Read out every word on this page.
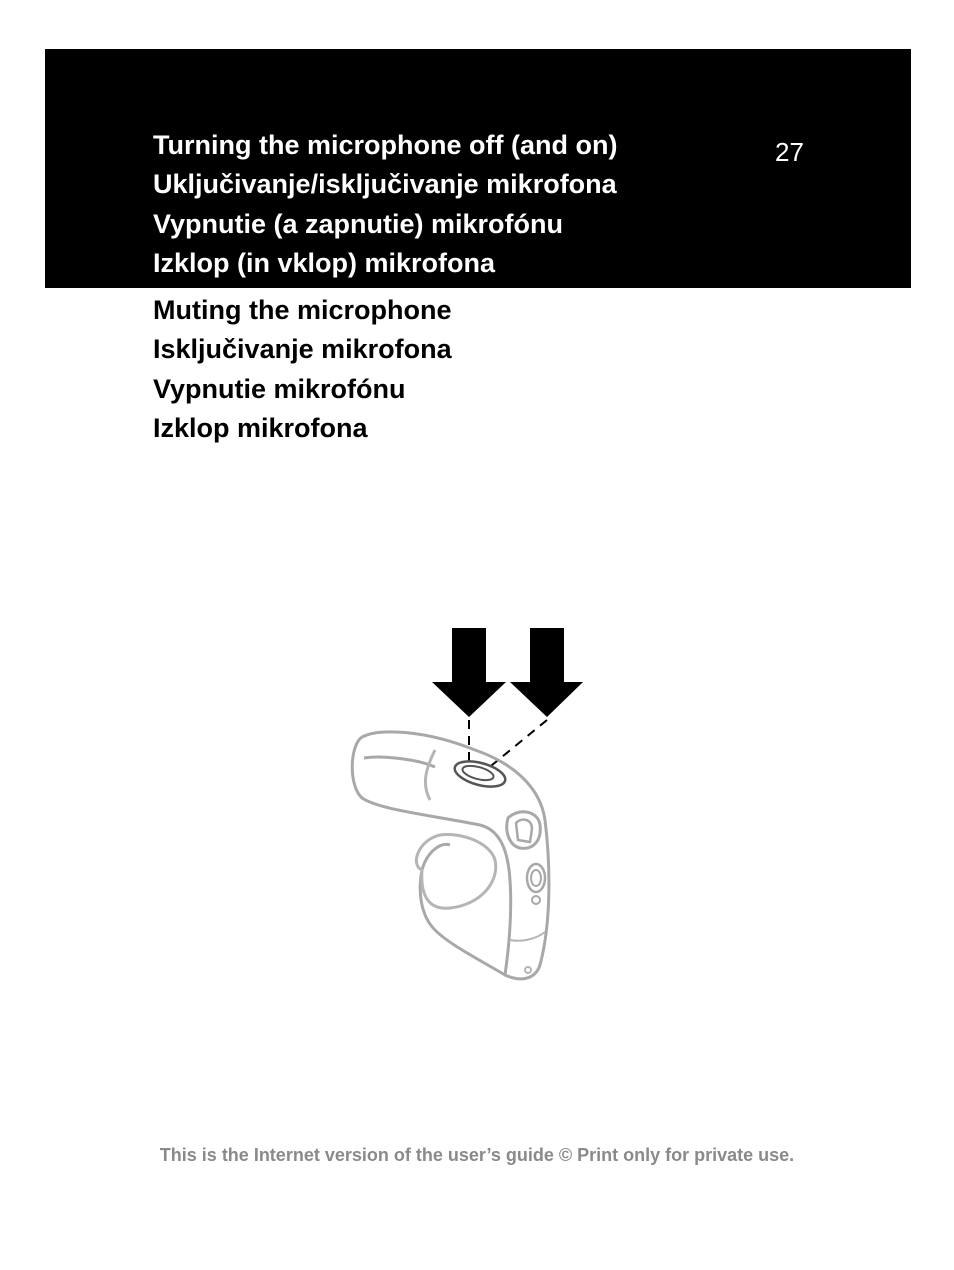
Turning the microphone off (and on)
Uključivanje/isključivanje mikrofona
Vypnutie (a zapnutie) mikrofónu
Izklop (in vklop) mikrofona
27
Muting the microphone
Isključivanje mikrofona
Vypnutie mikrofónu
Izklop mikrofona
This is the Internet version of the user’s guide © Print only for private use.
